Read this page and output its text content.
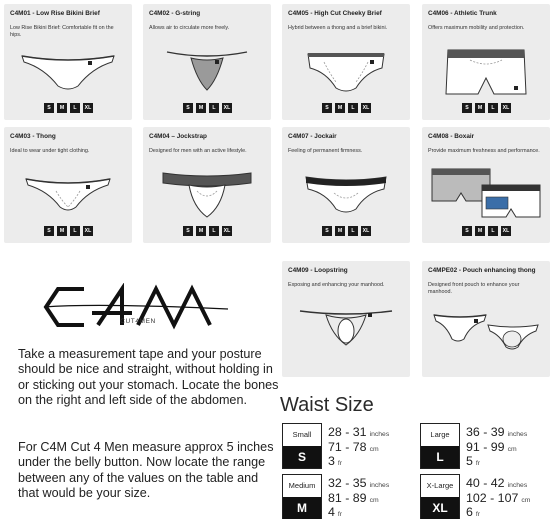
C4M01 - Low Rise Bikini Brief
Low Rise Bikini Brief: Comfortable fit on the hips.
S	M	L	XL
C4M02 - G-string
Allows air to circulate more freely.
S	M	L	XL
C4M05 - High Cut Cheeky Brief
Hybrid between a thong and a brief bikini.
S	M	L	XL
C4M06 - Athletic Trunk
Offers maximum mobility and protection.
S	M	L	XL
C4M03 - Thong
Ideal to wear under tight clothing.
S	M	L	XL
C4M04 – Jockstrap
Designed for men with an active lifestyle.
S	M	L	XL
C4M07 - Jockair
Feeling of permanent firmness.
S	M	L	XL
C4M08 - Boxair
Provide maximum freshness and performance.
S	M	L	XL
C4M09 - Loopstring
Exposing and enhancing your manhood.
C4MPE02 - Pouch enhancing thong
Designed front pouch to enhance your manhood.
CUT4MEN
Take a measurement tape and your posture should be nice and straight, without holding in or sticking out your stomach. Locate the bones on the right and left side of the abdomen.
For C4M Cut 4 Men measure approx 5 inches under the belly button. Now locate the range between any of the values on the table and that would be your size.
Waist Size
Small
S
28 - 31 inches
71 - 78 cm
3 fr
Large
L
36 - 39 inches
91 - 99 cm
5 fr
Medium
M
32 - 35 inches
81 - 89 cm
4 fr
X-Large
XL
40 - 42 inches
102 - 107 cm
6 fr
